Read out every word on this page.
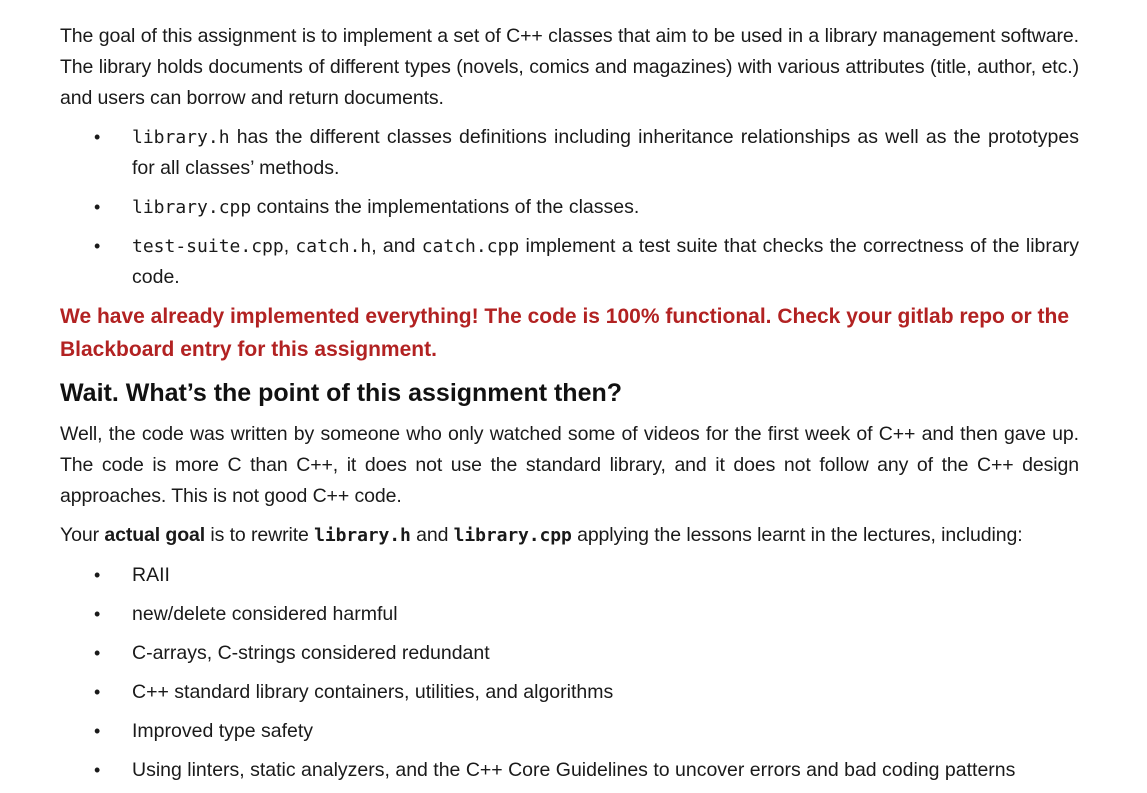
The goal of this assignment is to implement a set of C++ classes that aim to be used in a library management software. The library holds documents of different types (novels, comics and magazines) with various attributes (title, author, etc.) and users can borrow and return documents.

• library.h has the different classes definitions including inheritance relationships as well as the prototypes for all classes’ methods.
• library.cpp contains the implementations of the classes.
• test-suite.cpp, catch.h, and catch.cpp implement a test suite that checks the correctness of the library code.

We have already implemented everything! The code is 100% functional. Check your gitlab repo or the Blackboard entry for this assignment.

Wait. What’s the point of this assignment then?

Well, the code was written by someone who only watched some of videos for the first week of C++ and then gave up. The code is more C than C++, it does not use the standard library, and it does not follow any of the C++ design approaches. This is not good C++ code.

Your actual goal is to rewrite library.h and library.cpp applying the lessons learnt in the lectures, including:

• RAII
• new/delete considered harmful
• C-arrays, C-strings considered redundant
• C++ standard library containers, utilities, and algorithms
• Improved type safety
• Using linters, static analyzers, and the C++ Core Guidelines to uncover errors and bad coding patterns
